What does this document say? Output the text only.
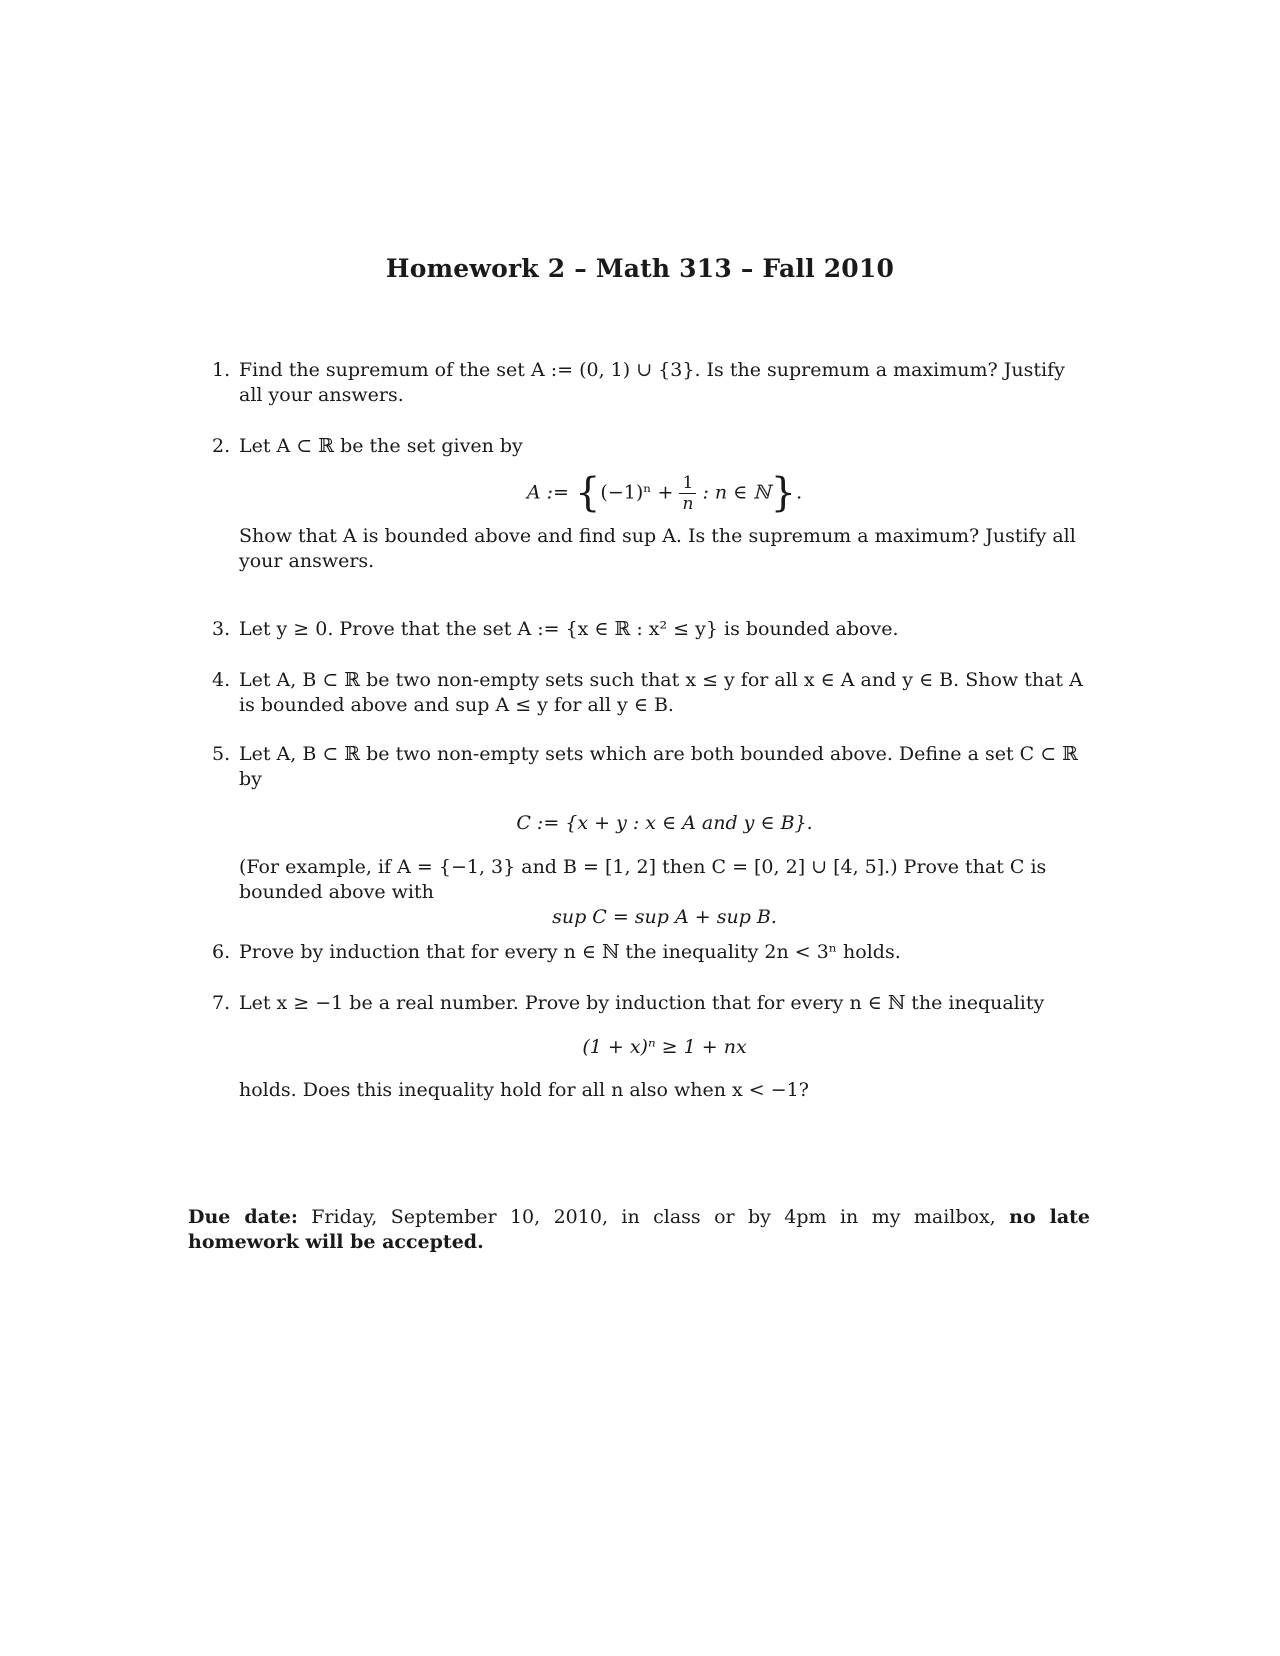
Homework 2 – Math 313 – Fall 2010
1. Find the supremum of the set A := (0, 1) ∪ {3}. Is the supremum a maximum? Justify all your answers.
2. Let A ⊂ ℝ be the set given by
A := {$(-1)^n + \frac{1}{n}$ : n ∈ ℕ}.
Show that A is bounded above and find sup A. Is the supremum a maximum? Justify all your answers.
3. Let y ≥ 0. Prove that the set A := {x ∈ ℝ : x² ≤ y} is bounded above.
4. Let A, B ⊂ ℝ be two non-empty sets such that x ≤ y for all x ∈ A and y ∈ B. Show that A is bounded above and sup A ≤ y for all y ∈ B.
5. Let A, B ⊂ ℝ be two non-empty sets which are both bounded above. Define a set C ⊂ ℝ by
C := {x + y : x ∈ A and y ∈ B}.
(For example, if A = {−1, 3} and B = [1, 2] then C = [0, 2] ∪ [4, 5].) Prove that C is bounded above with
sup C = sup A + sup B.
6. Prove by induction that for every n ∈ ℕ the inequality 2n < 3ⁿ holds.
7. Let x ≥ −1 be a real number. Prove by induction that for every n ∈ ℕ the inequality
(1 + x)ⁿ ≥ 1 + nx
holds. Does this inequality hold for all n also when x < −1?
Due date: Friday, September 10, 2010, in class or by 4pm in my mailbox, no late homework will be accepted.
